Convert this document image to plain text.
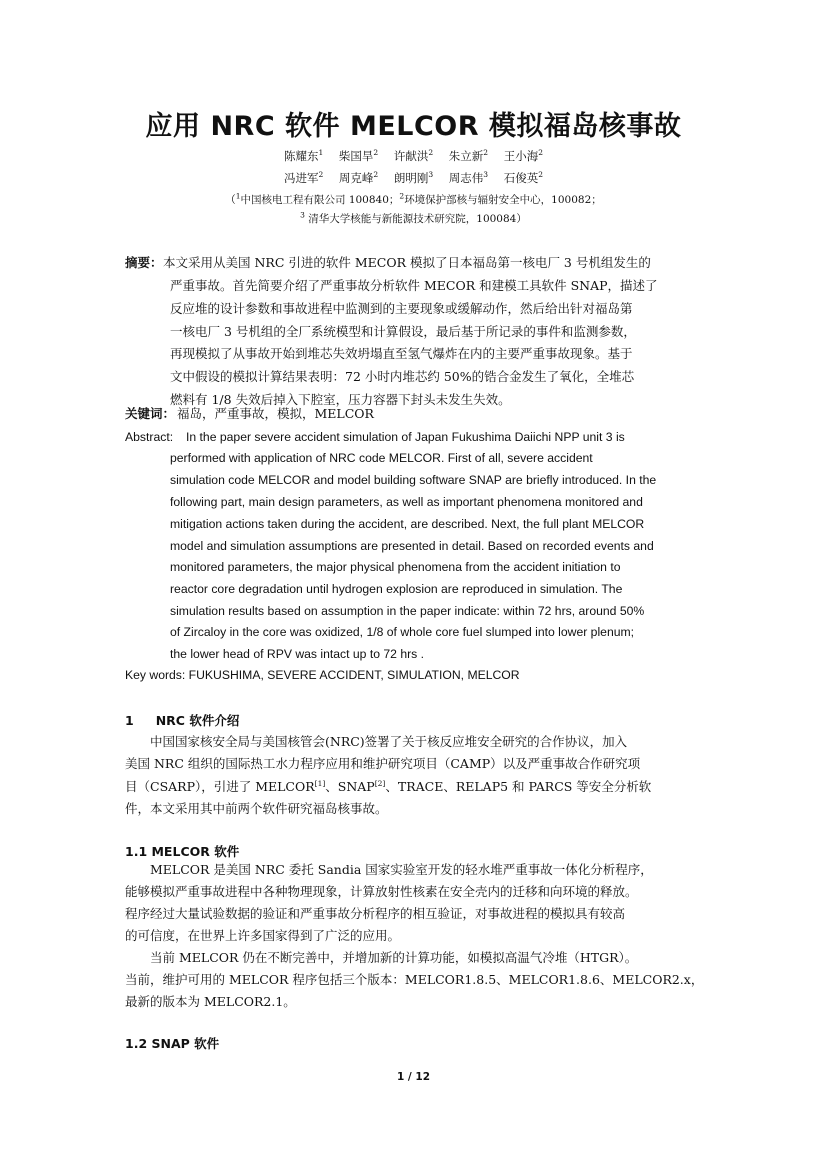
应用 NRC 软件 MELCOR 模拟福岛核事故

陈耀东$^1$ 柴国旱$^2$ 许献洪$^2$ 朱立新$^2$ 王小海$^2$

冯进军$^2$ 周克峰$^2$ 朗明刚$^3$ 周志伟$^3$ 石俊英$^2$

（$^1$中国核电工程有限公司 100840；$^2$环境保护部核与辐射安全中心，100082；

$^3$ 清华大学核能与新能源技术研究院，100084）

摘要： 本文采用从美国 NRC 引进的软件 MECOR 模拟了日本福岛第一核电厂 3 号机组发生的
严重事故。首先简要介绍了严重事故分析软件 MECOR 和建模工具软件 SNAP，描述了
反应堆的设计参数和事故进程中监测到的主要现象或缓解动作，然后给出针对福岛第
一核电厂 3 号机组的全厂系统模型和计算假设，最后基于所记录的事件和监测参数，
再现模拟了从事故开始到堆芯失效坍塌直至氢气爆炸在内的主要严重事故现象。基于
文中假设的模拟计算结果表明：72 小时内堆芯约 50%的锆合金发生了氧化，全堆芯
燃料有 1/8 失效后掉入下腔室，压力容器下封头未发生失效。
关键词： 福岛，严重事故，模拟，MELCOR
Abstract: In the paper severe accident simulation of Japan Fukushima Daiichi NPP unit 3 is
performed with application of NRC code MELCOR. First of all, severe accident
simulation code MELCOR and model building software SNAP are briefly introduced. In the
following part, main design parameters, as well as important phenomena monitored and
mitigation actions taken during the accident, are described. Next, the full plant MELCOR
model and simulation assumptions are presented in detail. Based on recorded events and
monitored parameters, the major physical phenomena from the accident initiation to
reactor core degradation until hydrogen explosion are reproduced in simulation. The
simulation results based on assumption in the paper indicate: within 72 hrs, around 50%
of Zircaloy in the core was oxidized, 1/8 of whole core fuel slumped into lower plenum;
the lower head of RPV was intact up to 72 hrs .
Key words: FUKUSHIMA, SEVERE ACCIDENT, SIMULATION, MELCOR
1 NRC 软件介绍
中国国家核安全局与美国核管会(NRC)签署了关于核反应堆安全研究的合作协议，加入
美国 NRC 组织的国际热工水力程序应用和维护研究项目（CAMP）以及严重事故合作研究项
目（CSARP），引进了 MELCOR[1]、SNAP[2]、TRACE、RELAP5 和 PARCS 等安全分析软
件，本文采用其中前两个软件研究福岛核事故。
1.1 MELCOR 软件
MELCOR 是美国 NRC 委托 Sandia 国家实验室开发的轻水堆严重事故一体化分析程序，
能够模拟严重事故进程中各种物理现象，计算放射性核素在安全壳内的迁移和向环境的释放。
程序经过大量试验数据的验证和严重事故分析程序的相互验证，对事故进程的模拟具有较高
的可信度，在世界上许多国家得到了广泛的应用。
当前 MELCOR 仍在不断完善中，并增加新的计算功能，如模拟高温气冷堆（HTGR）。
当前，维护可用的 MELCOR 程序包括三个版本：MELCOR1.8.5、MELCOR1.8.6、MELCOR2.x，
最新的版本为 MELCOR2.1。
1.2 SNAP 软件
1 / 12
